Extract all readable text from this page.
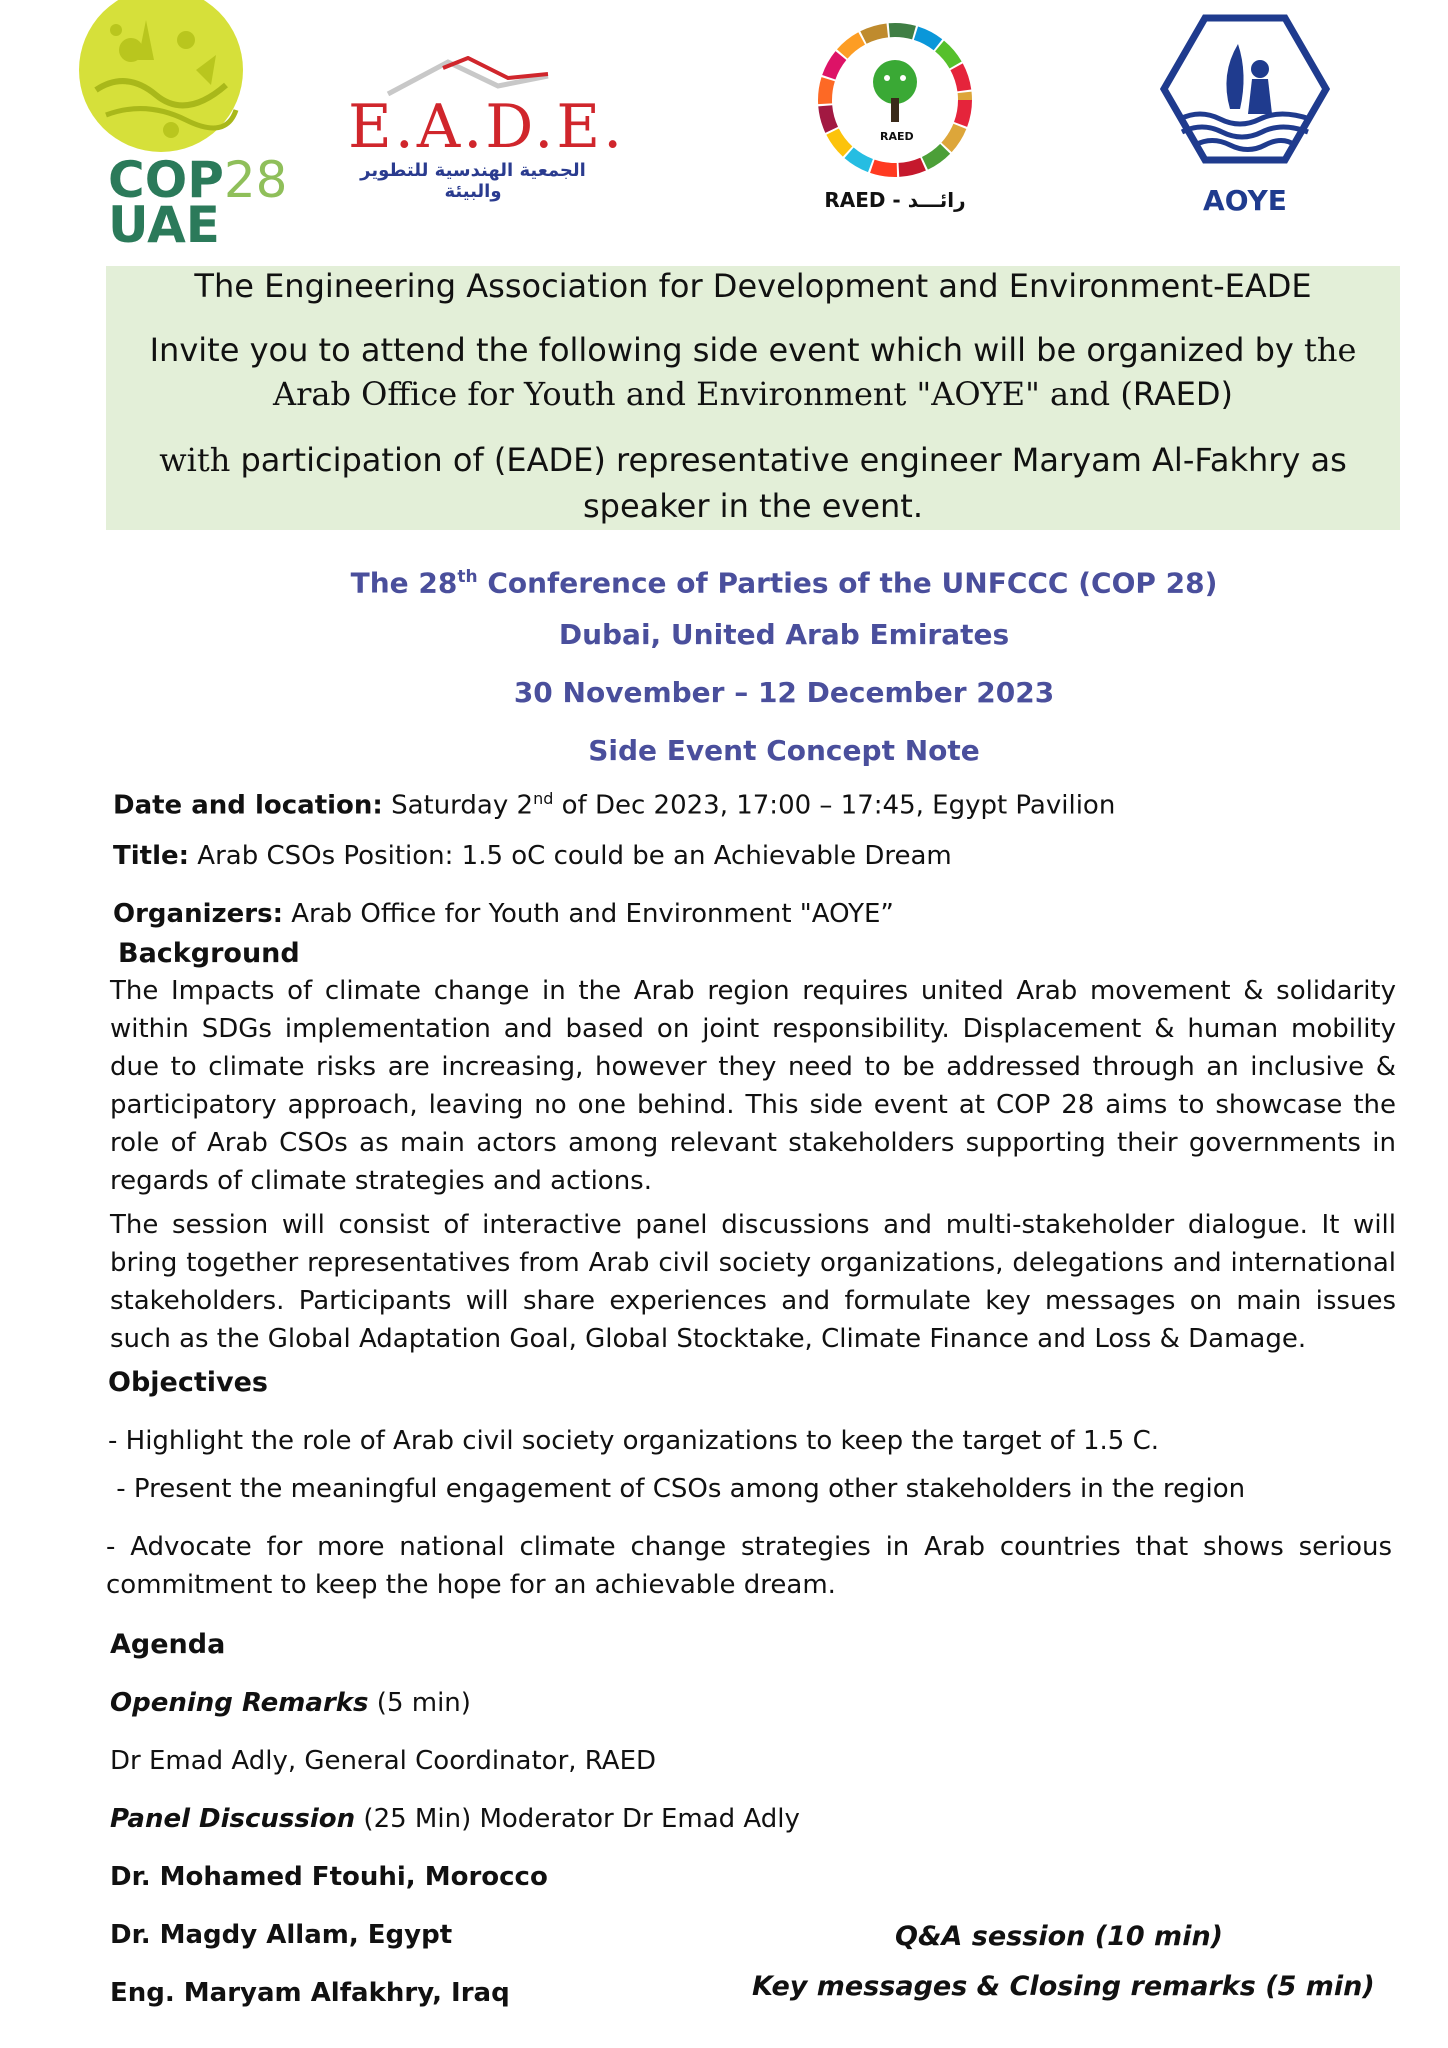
COP28
UAE
E.A.D.E.
الجمعية الهندسية للتطوير والبيئة
RAED
RAED - رائـــد	AOYE
The Engineering Association for Development and Environment-EADE
Invite you to attend the following side event which will be organized by the
Arab Office for Youth and Environment "AOYE" and (RAED)
with participation of (EADE) representative engineer Maryam Al-Fakhry as
speaker in the event.
The 28th Conference of Parties of the UNFCCC (COP 28)
Dubai, United Arab Emirates
30 November – 12 December 2023
Side Event Concept Note
Date and location: Saturday 2nd of Dec 2023, 17:00 – 17:45, Egypt Pavilion
Title: Arab CSOs Position: 1.5 oC could be an Achievable Dream
Organizers: Arab Office for Youth and Environment "AOYE”
Background
The Impacts of climate change in the Arab region requires united Arab movement & solidarity within SDGs implementation and based on joint responsibility. Displacement & human mobility due to climate risks are increasing, however they need to be addressed through an inclusive & participatory approach, leaving no one behind. This side event at COP 28 aims to showcase the role of Arab CSOs as main actors among relevant stakeholders supporting their governments in regards of climate strategies and actions.
The session will consist of interactive panel discussions and multi-stakeholder dialogue. It will bring together representatives from Arab civil society organizations, delegations and international stakeholders. Participants will share experiences and formulate key messages on main issues such as the Global Adaptation Goal, Global Stocktake, Climate Finance and Loss & Damage.
Objectives
- Highlight the role of Arab civil society organizations to keep the target of 1.5 C.
- Present the meaningful engagement of CSOs among other stakeholders in the region
- Advocate for more national climate change strategies in Arab countries that shows serious commitment to keep the hope for an achievable dream.
Agenda
Opening Remarks (5 min)
Dr Emad Adly, General Coordinator, RAED
Panel Discussion (25 Min) Moderator Dr Emad Adly
Dr. Mohamed Ftouhi, Morocco
Dr. Magdy Allam, Egypt
Eng. Maryam Alfakhry, Iraq
Q&A session (10 min)
Key messages & Closing remarks (5 min)
